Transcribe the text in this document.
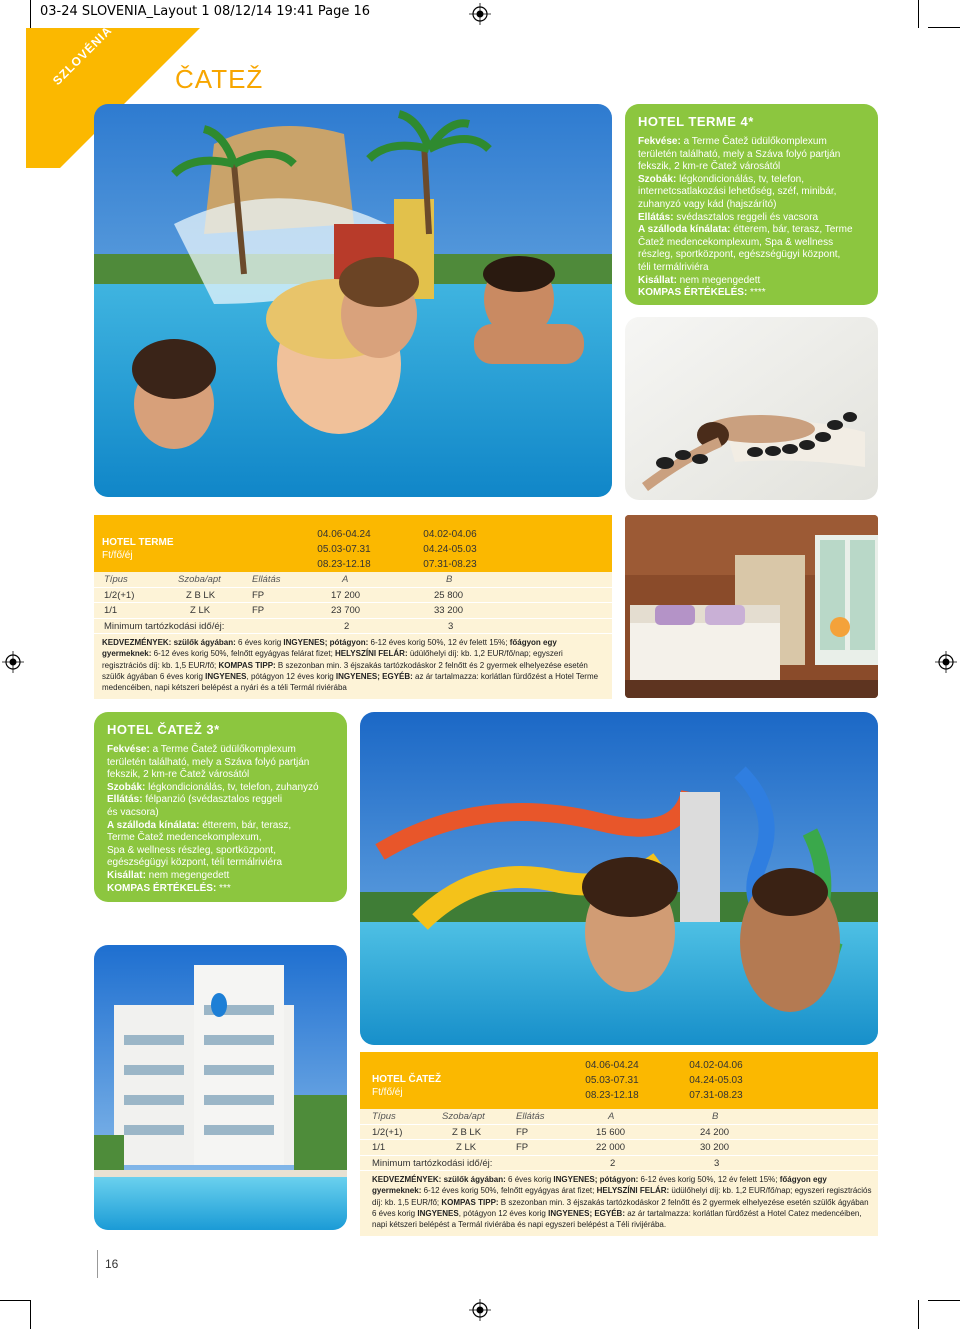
03-24 SLOVENIA_Layout 1 08/12/14 19:41 Page 16
SZLOVÉNIA ČATEŽ
HOTEL TERME 4*
Fekvése: a Terme Čatež üdülőkomplexum
területén található, mely a Száva folyó partján
fekszik, 2 km-re Čatež városától
Szobák: légkondicionálás, tv, telefon,
internetcsatlakozási lehetőség, széf, minibár,
zuhanyzó vagy kád (hajszárító)
Ellátás: svédasztalos reggeli és vacsora
A szálloda kínálata: étterem, bár, terasz, Terme
Čatež medencekomplexum, Spa & wellness
részleg, sportközpont, egészségügyi központ,
téli termálriviéra
Kisállat: nem megengedett
KOMPAS ÉRTÉKELÉS: ****
HOTEL TERME
Ft/fő/éj
04.06-04.24
05.03-07.31
08.23-12.18
04.02-04.06
04.24-05.03
07.31-08.23
Típus	Szoba/apt	Ellátás	A	B
1/2(+1)	Z B LK	FP	17 200	25 800
1/1	Z LK	FP	23 700	33 200
Minimum tartózkodási idő/éj:	2	3
KEDVEZMÉNYEK: szülők ágyában: 6 éves korig INGYENES; pótágyon: 6-12 éves korig 50%, 12 év felett 15%; főágyon egy gyermeknek: 6-12 éves korig 50%, felnőtt egyágyas felárat fizet; HELYSZÍNI FELÁR: üdülőhelyi díj: kb. 1,2 EUR/fő/nap; egyszeri regisztrációs díj: kb. 1,5 EUR/fő; KOMPAS TIPP: B szezonban min. 3 éjszakás tartózkodáskor 2 felnőtt és 2 gyermek elhelyezése esetén szülők ágyában 6 éves korig INGYENES, pótágyon 12 éves korig INGYENES; EGYÉB: az ár tartalmazza: korlátlan fürdőzést a Hotel Terme medencéiben, napi kétszeri belépést a nyári és a téli Termál riviérába
HOTEL ČATEŽ 3*
Fekvése: a Terme Čatež üdülőkomplexum
területén található, mely a Száva folyó partján
fekszik, 2 km-re Čatež városától
Szobák: légkondicionálás, tv, telefon, zuhanyzó
Ellátás: félpanzió (svédasztalos reggeli
és vacsora)
A szálloda kínálata: étterem, bár, terasz,
Terme Čatež medencekomplexum,
Spa & wellness részleg, sportközpont,
egészségügyi központ, téli termálriviéra
Kisállat: nem megengedett
KOMPAS ÉRTÉKELÉS: ***
HOTEL ČATEŽ
Ft/fő/éj
04.06-04.24
05.03-07.31
08.23-12.18
04.02-04.06
04.24-05.03
07.31-08.23
Típus	Szoba/apt	Ellátás	A	B
1/2(+1)	Z B LK	FP	15 600	24 200
1/1	Z LK	FP	22 000	30 200
Minimum tartózkodási idő/éj:	2	3
KEDVEZMÉNYEK: szülők ágyában: 6 éves korig INGYENES; pótágyon: 6-12 éves korig 50%, 12 év felett 15%; főágyon egy gyermeknek: 6-12 éves korig 50%, felnőtt egyágyas árat fizet; HELYSZÍNI FELÁR: üdülőhelyi díj: kb. 1,2 EUR/fő/nap; egyszeri regisztrációs díj: kb. 1,5 EUR/fő; KOMPAS TIPP: B szezonban min. 3 éjszakás tartózkodáskor 2 felnőtt és 2 gyermek elhelyezése esetén szülők ágyában 6 éves korig INGYENES, pótágyon 12 éves korig INGYENES; EGYÉB: az ár tartalmazza: korlátlan fürdőzést a Hotel Catez medencéiben, napi kétszeri belépést a Termál riviérába és napi egyszeri belépést a Téli rivijérába.
16
